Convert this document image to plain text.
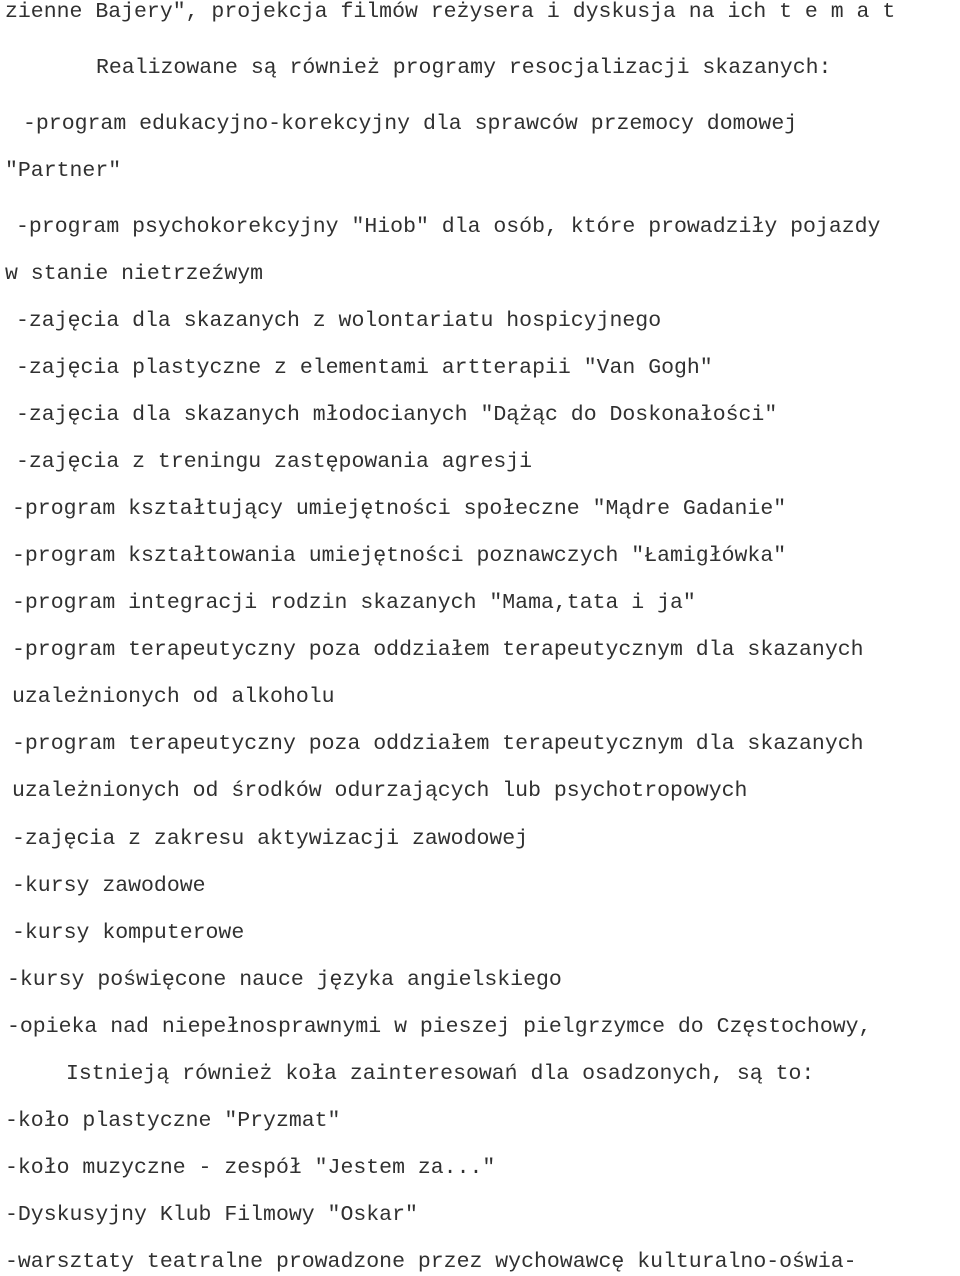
zienne Bajery", projekcja filmów reżysera i dyskusja na ich t e m a t
Realizowane są również programy resocjalizacji skazanych:
-program edukacyjno-korekcyjny dla sprawców przemocy domowej
"Partner"
-program psychokorekcyjny "Hiob" dla osób, które prowadziły pojazdy
w stanie nietrzeźwym
-zajęcia dla skazanych z wolontariatu hospicyjnego
-zajęcia plastyczne z elementami artterapii "Van Gogh"
-zajęcia dla skazanych młodocianych "Dążąc do Doskonałości"
-zajęcia z treningu zastępowania agresji
-program kształtujący umiejętności społeczne "Mądre Gadanie"
-program kształtowania umiejętności poznawczych "Łamigłówka"
-program integracji rodzin skazanych "Mama,tata i ja"
-program terapeutyczny poza oddziałem terapeutycznym dla skazanych
uzależnionych od alkoholu
-program terapeutyczny poza oddziałem terapeutycznym dla skazanych
uzależnionych od środków odurzających lub psychotropowych
-zajęcia z zakresu aktywizacji zawodowej
-kursy zawodowe
-kursy komputerowe
-kursy poświęcone nauce języka angielskiego
-opieka nad niepełnosprawnymi w pieszej pielgrzymce do Częstochowy,
Istnieją również koła zainteresowań dla osadzonych, są to:
-koło plastyczne "Pryzmat"
-koło muzyczne - zespół "Jestem za..."
-Dyskusyjny Klub Filmowy "Oskar"
-warsztaty teatralne prowadzone przez wychowawcę kulturalno-oświa-
